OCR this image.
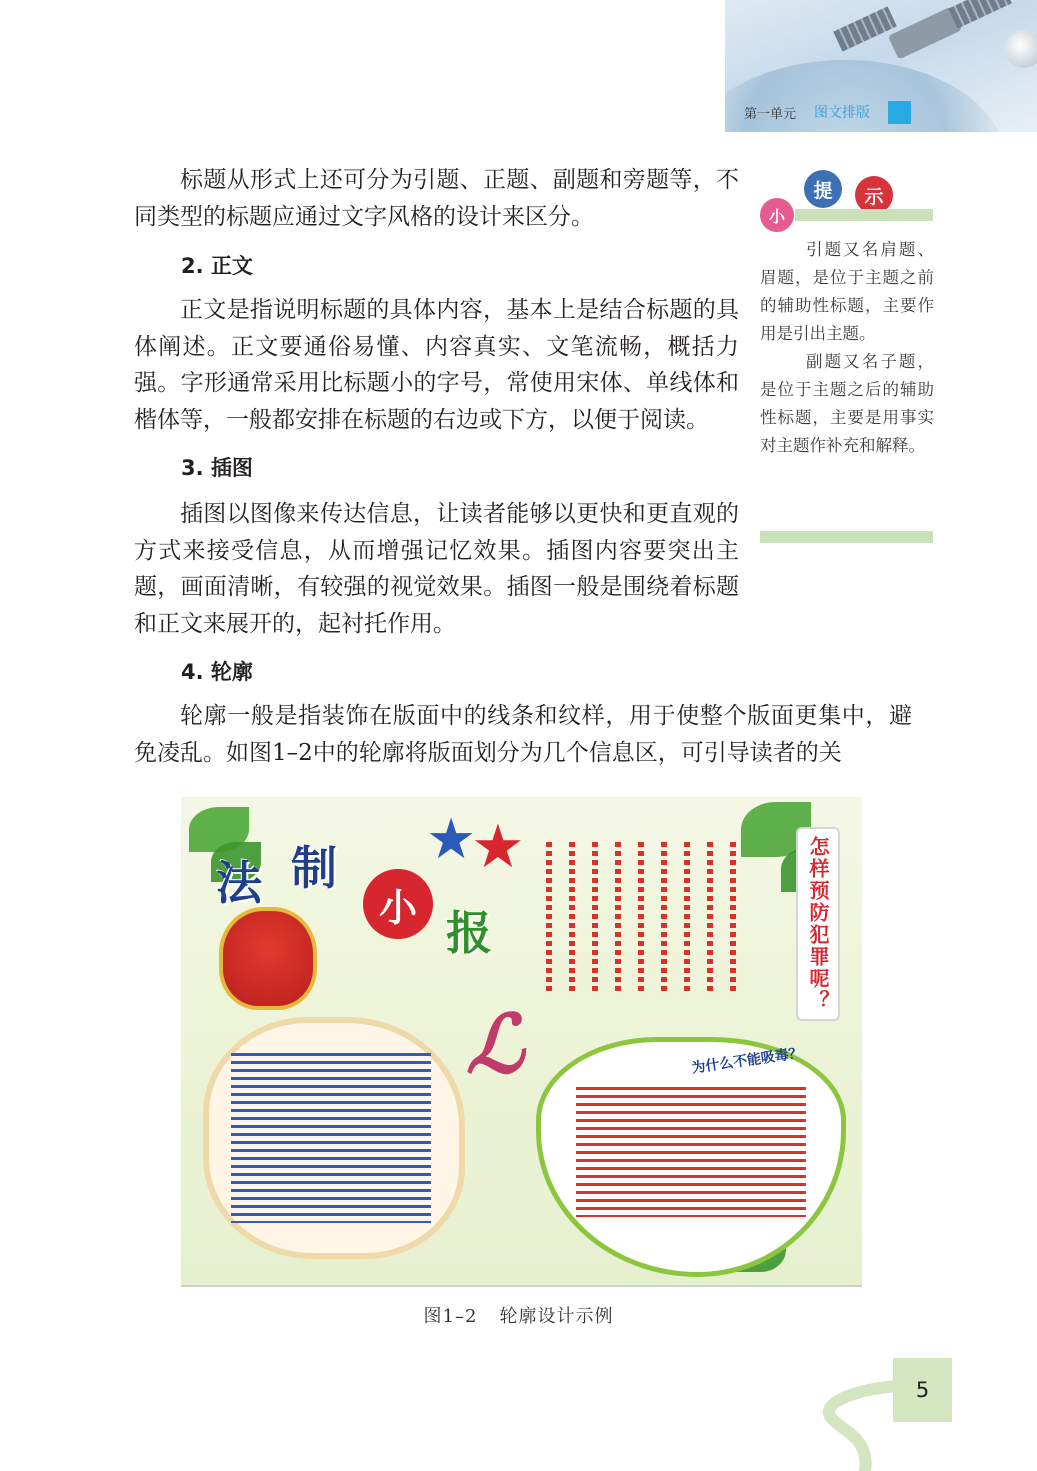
第一单元 图文排版

标题从形式上还可分为引题、正题、副题和旁题等，不同类型的标题应通过文字风格的设计来区分。

2. 正文

正文是指说明标题的具体内容，基本上是结合标题的具体阐述。正文要通俗易懂、内容真实、文笔流畅，概括力强。字形通常采用比标题小的字号，常使用宋体、单线体和楷体等，一般都安排在标题的右边或下方，以便于阅读。

3. 插图

插图以图像来传达信息，让读者能够以更快和更直观的方式来接受信息，从而增强记忆效果。插图内容要突出主题，画面清晰，有较强的视觉效果。插图一般是围绕着标题和正文来展开的，起衬托作用。

4. 轮廓

轮廓一般是指装饰在版面中的线条和纹样，用于使整个版面更集中，避免凌乱。如图1–2中的轮廓将版面划分为几个信息区，可引导读者的关

小
提	示

引题又名肩题、眉题，是位于主题之前的辅助性标题，主要作用是引出主题。

副题又名子题，是位于主题之后的辅助性标题，主要是用事实对主题作补充和解释。

法 制
小 报
★
★	怎样预防犯罪呢？
ℒ	为什么不能吸毒？
图1–2 轮廓设计示例
5
